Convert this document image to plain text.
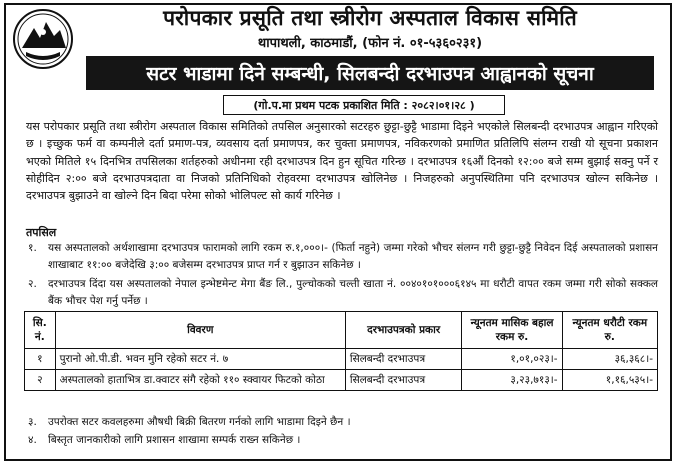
परोपकार प्रसूति तथा स्त्रीरोग अस्पताल विकास समिति
थापाथली, काठमाडौं, (फोन नं. ०१-५३६०२३१)
सटर भाडामा दिने सम्बन्धी, सिलबन्दी दरभाउपत्र आह्वानको सूचना
(गो.प.मा प्रथम पटक प्रकाशित मिति : २०८२।०१।२८ )
यस परोपकार प्रसूति तथा स्त्रीरोग अस्पताल विकास समितिको तपसिल अनुसारको सटरहरु छुट्टा-छुट्टै भाडामा दिइने भएकोले सिलबन्दी दरभाउपत्र आह्वान गरिएको छ । इच्छुक फर्म वा कम्पनीले दर्ता प्रमाण-पत्र, व्यवसाय दर्ता प्रमाणपत्र, कर चुक्ता प्रमाणपत्र, नविकरणको प्रमाणित प्रतिलिपि संलग्न राखी यो सूचना प्रकाशन भएको मितिले १५ दिनभित्र तपसिलका शर्तहरुको अधीनमा रही दरभाउपत्र दिन हुन सूचित गरिन्छ । दरभाउपत्र १६औं दिनको १२:०० बजे सम्म बुझाई सक्नु पर्ने र सोहीदिन २:०० बजे दरभाउपत्रदाता वा निजको प्रतिनिधिको रोहवरमा दरभाउपत्र खोलिनेछ । निजहरुको अनुपस्थितिमा पनि दरभाउपत्र खोल्न सकिनेछ । दरभाउपत्र बुझाउने वा खोल्ने दिन बिदा परेमा सोको भोलिपल्ट सो कार्य गरिनेछ ।
तपसिल
१.	यस अस्पतालको अर्थशाखामा दरभाउपत्र फारामको लागि रकम रु.१,०००।- (फिर्ता नहुने) जम्मा गरेको भौचर संलग्न गरी छुट्टा-छुट्टै निवेदन दिई अस्पतालको प्रशासन शाखाबाट ११:०० बजेदेखि ३:०० बजेसम्म दरभाउपत्र प्राप्त गर्न र बुझाउन सकिनेछ ।
२.	दरभाउपत्र दिंदा यस अस्पतालको नेपाल इन्भेष्टमेन्ट मेगा बैंङ लि., पुल्चोकको चल्ती खाता नं. ००४०१०१०००६१४५ मा धरौटी वापत रकम जम्मा गरी सोको सक्कल बैंक भौचर पेश गर्नु पर्नेछ ।
सि. नं.	विवरण	दरभाउपत्रको प्रकार	न्यूनतम मासिक बहाल रकम रु.	न्यूनतम धरौटी रकम रु.
१	पुरानो ओ.पी.डी. भवन मुनि रहेको सटर नं. ७	सिलबन्दी दरभाउपत्र	१,०१,०२३।-	३६,३६८।-
२	अस्पतालको हाताभित्र डा.क्वाटर संगै रहेको ११० स्क्वायर फिटको कोठा	सिलबन्दी दरभाउपत्र	३,२३,७१३।-	१,१६,५३५।-
३.	उपरोक्त सटर कवलहरुमा औषधी बिक्री बितरण गर्नको लागि भाडामा दिइने छैन ।
४.	बिस्तृत जानकारीको लागि प्रशासन शाखामा सम्पर्क राख्न सकिनेछ ।
